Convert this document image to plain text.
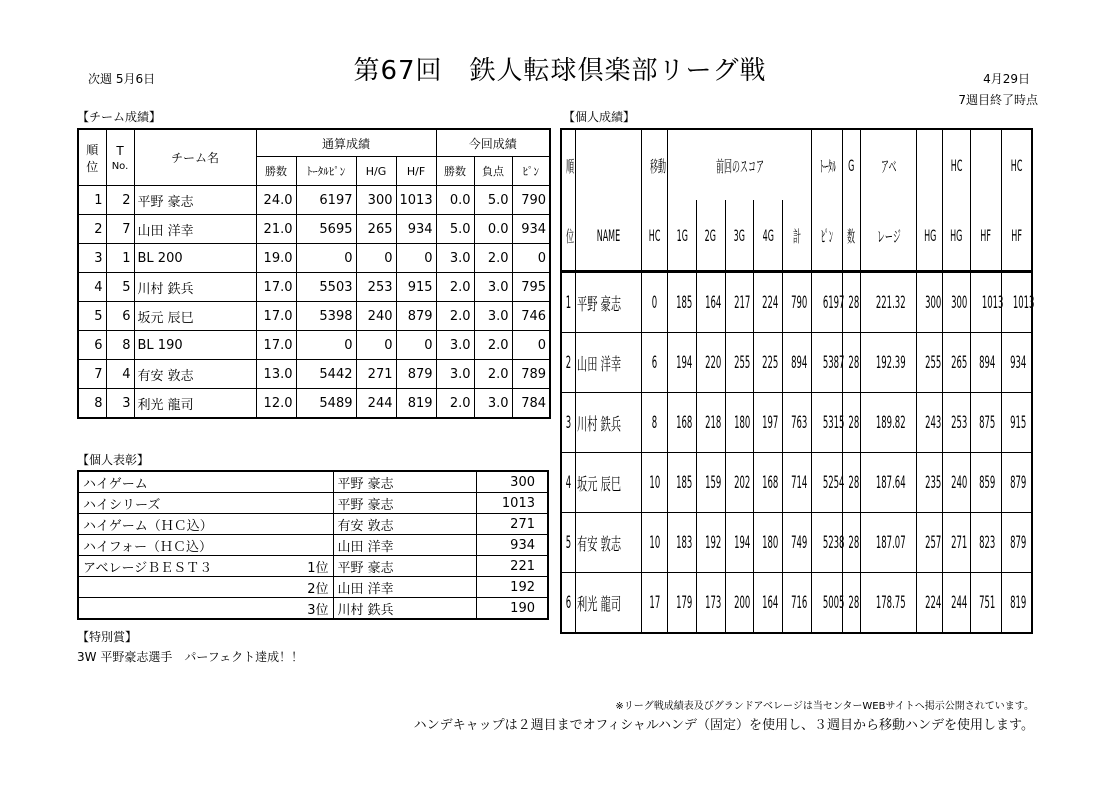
第67回　鉄人転球倶楽部リーグ戦
次週 5月6日	4月29日
7週目終了時点
【チーム成績】	【個人成績】
順位	T
No.	チーム名	通算成績				今回成績		
			勝数	ﾄｰﾀﾙﾋﾟﾝ	H/G	H/F	勝数	負点	ﾋﾟﾝ
1	2	平野 豪志	24.0	6197	300	1013	0.0	5.0	790
2	7	山田 洋幸	21.0	5695	265	934	5.0	0.0	934
3	1	BL 200	19.0	0	0	0	3.0	2.0	0
4	5	川村 鉄兵	17.0	5503	253	915	2.0	3.0	795
5	6	坂元 辰巳	17.0	5398	240	879	2.0	3.0	746
6	8	BL 190	17.0	0	0	0	3.0	2.0	0
7	4	有安 敦志	13.0	5442	271	879	3.0	2.0	789
8	3	利光 龍司	12.0	5489	244	819	2.0	3.0	784
【個人表彰】
ハイゲーム		平野 豪志	300
ハイシリーズ		平野 豪志	1013
ハイゲーム（ＨＣ込）		有安 敦志	271
ハイフォー（ＨＣ込）		山田 洋幸	934
アベレージＢＥＳＴ３	1位	平野 豪志	221
	2位	山田 洋幸	192
	3位	川村 鉄兵	190
順		移動	前回のスコア					ﾄｰﾀﾙ	G	アベ		HC		HC
位	NAME	HC	1G	2G	3G	4G	計	ﾋﾟﾝ	数	レージ	HG	HG	HF	HF
1	平野 豪志	0	185	164	217	224	790	6197	28	221.32	300	300	1013	1013
2	山田 洋幸	6	194	220	255	225	894	5387	28	192.39	255	265	894	934
3	川村 鉄兵	8	168	218	180	197	763	5315	28	189.82	243	253	875	915
4	坂元 辰巳	10	185	159	202	168	714	5254	28	187.64	235	240	859	879
5	有安 敦志	10	183	192	194	180	749	5238	28	187.07	257	271	823	879
6	利光 龍司	17	179	173	200	164	716	5005	28	178.75	224	244	751	819
【特別賞】
3W 平野豪志選手　パーフェクト達成！！
※リーグ戦成績表及びグランドアベレージは当センターWEBサイトへ掲示公開されています。
ハンデキャップは２週目までオフィシャルハンデ（固定）を使用し、３週目から移動ハンデを使用します。
